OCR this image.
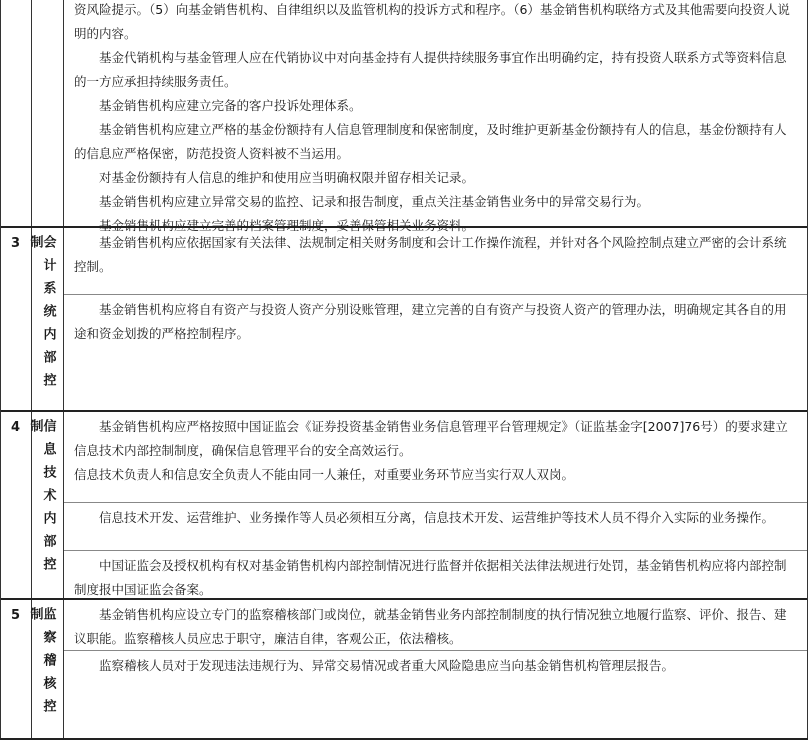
资风险提示。（5）向基金销售机构、自律组织以及监管机构的投诉方式和程序。（6）基金销售机构联络方式及其他需要向投资人说明的内容。

基金代销机构与基金管理人应在代销协议中对向基金持有人提供持续服务事宜作出明确约定，持有投资人联系方式等资料信息的一方应承担持续服务责任。

基金销售机构应建立完备的客户投诉处理体系。

基金销售机构应建立严格的基金份额持有人信息管理制度和保密制度，及时维护更新基金份额持有人的信息，基金份额持有人的信息应严格保密，防范投资人资料被不当运用。

对基金份额持有人信息的维护和使用应当明确权限并留存相关记录。

基金销售机构应建立异常交易的监控、记录和报告制度，重点关注基金销售业务中的异常交易行为。

基金销售机构应建立完善的档案管理制度，妥善保管相关业务资料。

3	会计系统内部控制	基金销售机构应依据国家有关法律、法规制定相关财务制度和会计工作操作流程，并针对各个风险控制点建立严密的会计系统控制。

基金销售机构应将自有资产与投资人资产分别设账管理，建立完善的自有资产与投资人资产的管理办法，明确规定其各自的用途和资金划拨的严格控制程序。

4	信息技术内部控制	基金销售机构应严格按照中国证监会《证券投资基金销售业务信息管理平台管理规定》（证监基金字[2007]76号）的要求建立信息技术内部控制制度，确保信息管理平台的安全高效运行。

信息技术负责人和信息安全负责人不能由同一人兼任，对重要业务环节应当实行双人双岗。

信息技术开发、运营维护、业务操作等人员必须相互分离，信息技术开发、运营维护等技术人员不得介入实际的业务操作。

中国证监会及授权机构有权对基金销售机构内部控制情况进行监督并依据相关法律法规进行处罚，基金销售机构应将内部控制制度报中国证监会备案。

5	监察稽核控制	基金销售机构应设立专门的监察稽核部门或岗位，就基金销售业务内部控制制度的执行情况独立地履行监察、评价、报告、建议职能。监察稽核人员应忠于职守，廉洁自律，客观公正，依法稽核。

监察稽核人员对于发现违法违规行为、异常交易情况或者重大风险隐患应当向基金销售机构管理层报告。
